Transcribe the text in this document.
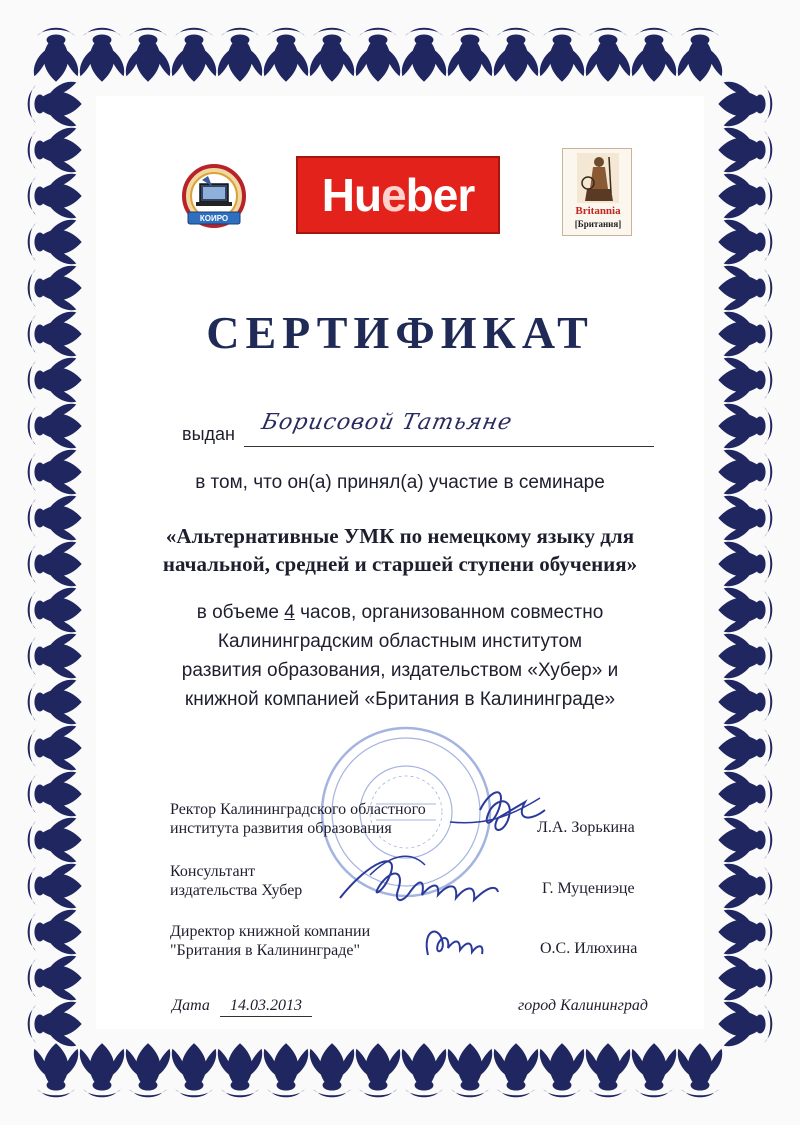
КОИРО Hueber	Britannia
[Британия]
СЕРТИФИКАТ
выдан Борисовой Татьяне
в том, что он(а) принял(а) участие в семинаре
«Альтернативные УМК по немецкому языку для
начальной, средней и старшей ступени обучения»
в объеме 4 часов, организованном совместно
Калининградским областным институтом
развития образования, издательством «Хубер» и
книжной компанией «Британия в Калининграде»
Ректор Калининградского областного
института развития образования	Л.А. Зорькина
Консультант
издательства Хубер	Г. Муцениэце
Директор книжной компании
"Британия в Калининграде"	О.С. Илюхина
Дата	14.03.2013	город Калининград
